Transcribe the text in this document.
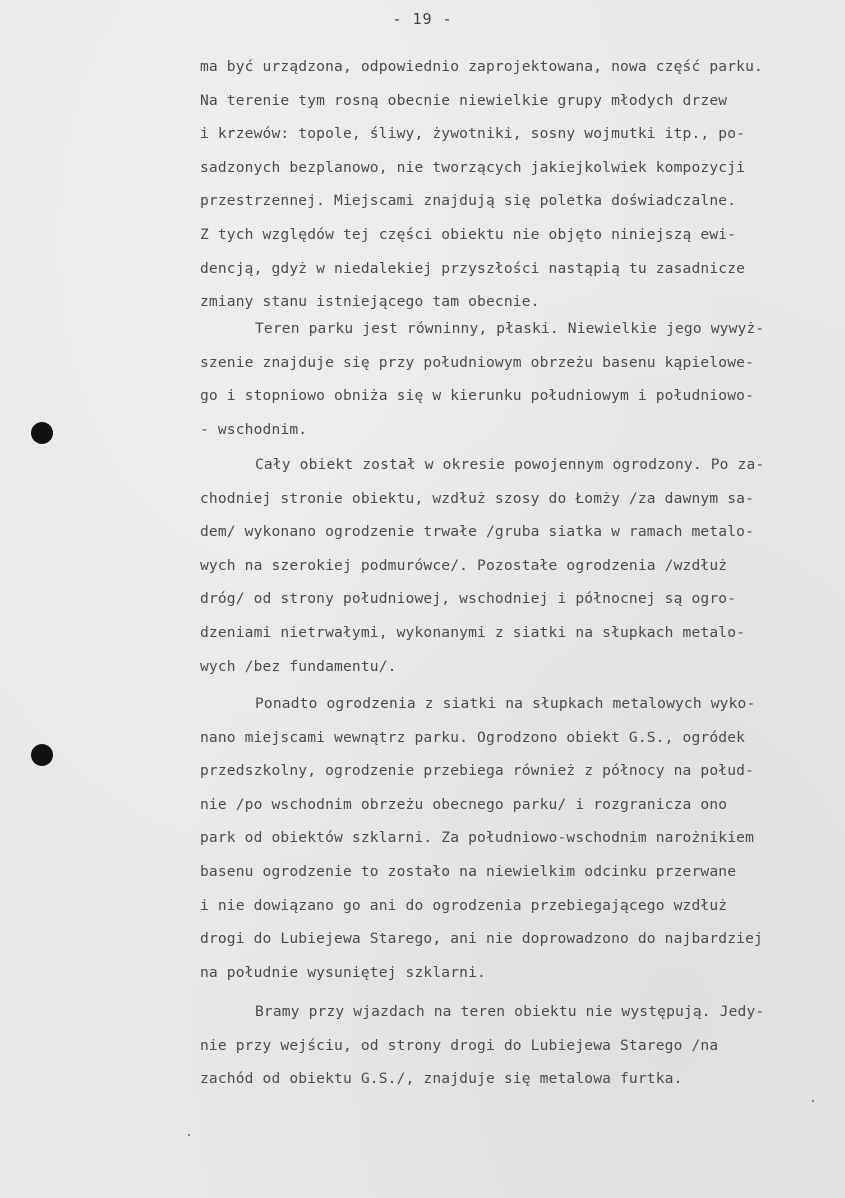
- 19 -
ma być urządzona, odpowiednio zaprojektowana, nowa część parku.
Na terenie tym rosną obecnie niewielkie grupy młodych drzew
i krzewów: topole, śliwy, żywotniki, sosny wojmutki itp., po-
sadzonych bezplanowo, nie tworzących jakiejkolwiek kompozycji
przestrzennej. Miejscami znajdują się poletka doświadczalne.
Z tych względów tej części obiektu nie objęto niniejszą ewi-
dencją, gdyż w niedalekiej przyszłości nastąpią tu zasadnicze
zmiany stanu istniejącego tam obecnie.
Teren parku jest równinny, płaski. Niewielkie jego wywyż-
szenie znajduje się przy południowym obrzeżu basenu kąpielowe-
go i stopniowo obniża się w kierunku południowym i południowo-
- wschodnim.
Cały obiekt został w okresie powojennym ogrodzony. Po za-
chodniej stronie obiektu, wzdłuż szosy do Łomży /za dawnym sa-
dem/ wykonano ogrodzenie trwałe /gruba siatka w ramach metalo-
wych na szerokiej podmurówce/. Pozostałe ogrodzenia /wzdłuż
dróg/ od strony południowej, wschodniej i północnej są ogro-
dzeniami nietrwałymi, wykonanymi z siatki na słupkach metalo-
wych /bez fundamentu/.
Ponadto ogrodzenia z siatki na słupkach metalowych wyko-
nano miejscami wewnątrz parku. Ogrodzono obiekt G.S., ogródek
przedszkolny, ogrodzenie przebiega również z północy na połud-
nie /po wschodnim obrzeżu obecnego parku/ i rozgranicza ono
park od obiektów szklarni. Za południowo-wschodnim narożnikiem
basenu ogrodzenie to zostało na niewielkim odcinku przerwane
i nie dowiązano go ani do ogrodzenia przebiegającego wzdłuż
drogi do Lubiejewa Starego, ani nie doprowadzono do najbardziej
na południe wysuniętej szklarni.
Bramy przy wjazdach na teren obiektu nie występują. Jedy-
nie przy wejściu, od strony drogi do Lubiejewa Starego /na
zachód od obiektu G.S./, znajduje się metalowa furtka.
